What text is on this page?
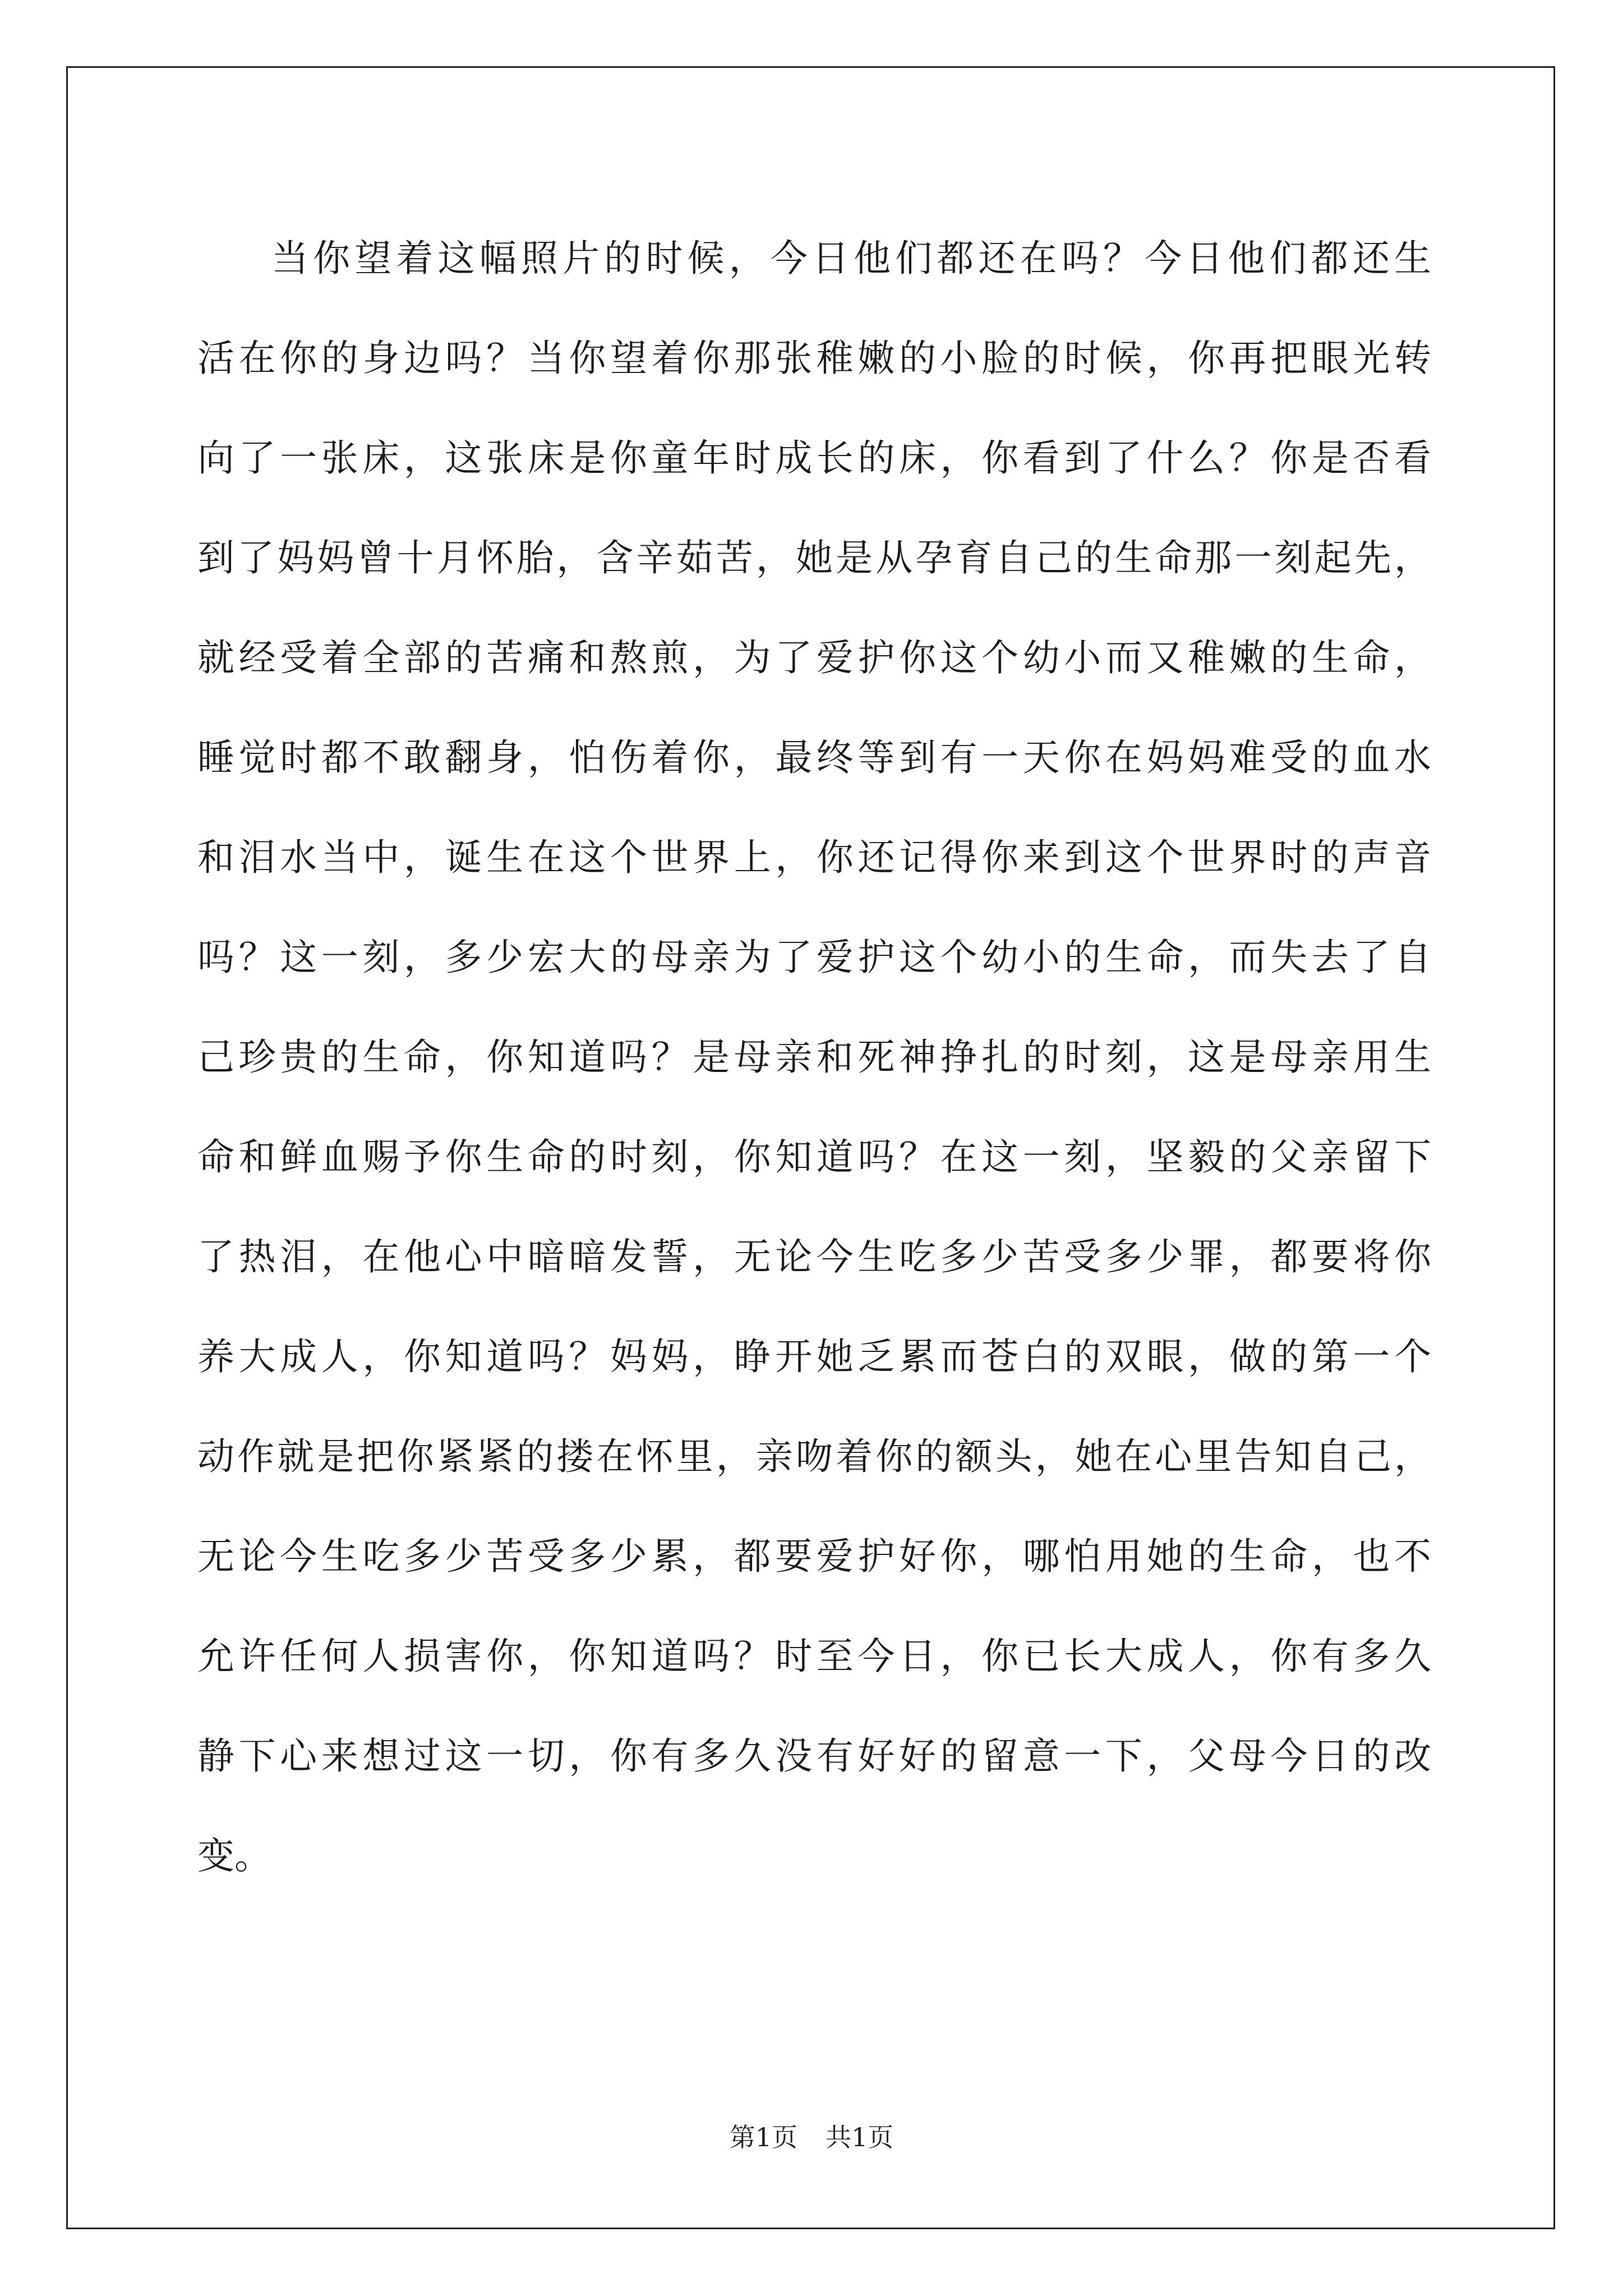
当你望着这幅照片的时候，今日他们都还在吗？今日他们都还生
活在你的身边吗？当你望着你那张稚嫩的小脸的时候，你再把眼光转
向了一张床，这张床是你童年时成长的床，你看到了什么？你是否看
到了妈妈曾十月怀胎，含辛茹苦，她是从孕育自己的生命那一刻起先，
就经受着全部的苦痛和熬煎，为了爱护你这个幼小而又稚嫩的生命，
睡觉时都不敢翻身，怕伤着你，最终等到有一天你在妈妈难受的血水
和泪水当中，诞生在这个世界上，你还记得你来到这个世界时的声音
吗？这一刻，多少宏大的母亲为了爱护这个幼小的生命，而失去了自
己珍贵的生命，你知道吗？是母亲和死神挣扎的时刻，这是母亲用生
命和鲜血赐予你生命的时刻，你知道吗？在这一刻，坚毅的父亲留下
了热泪，在他心中暗暗发誓，无论今生吃多少苦受多少罪，都要将你
养大成人，你知道吗？妈妈，睁开她乏累而苍白的双眼，做的第一个
动作就是把你紧紧的搂在怀里，亲吻着你的额头，她在心里告知自己，
无论今生吃多少苦受多少累，都要爱护好你，哪怕用她的生命，也不
允许任何人损害你，你知道吗？时至今日，你已长大成人，你有多久
静下心来想过这一切，你有多久没有好好的留意一下，父母今日的改
变。
第1页 共1页
